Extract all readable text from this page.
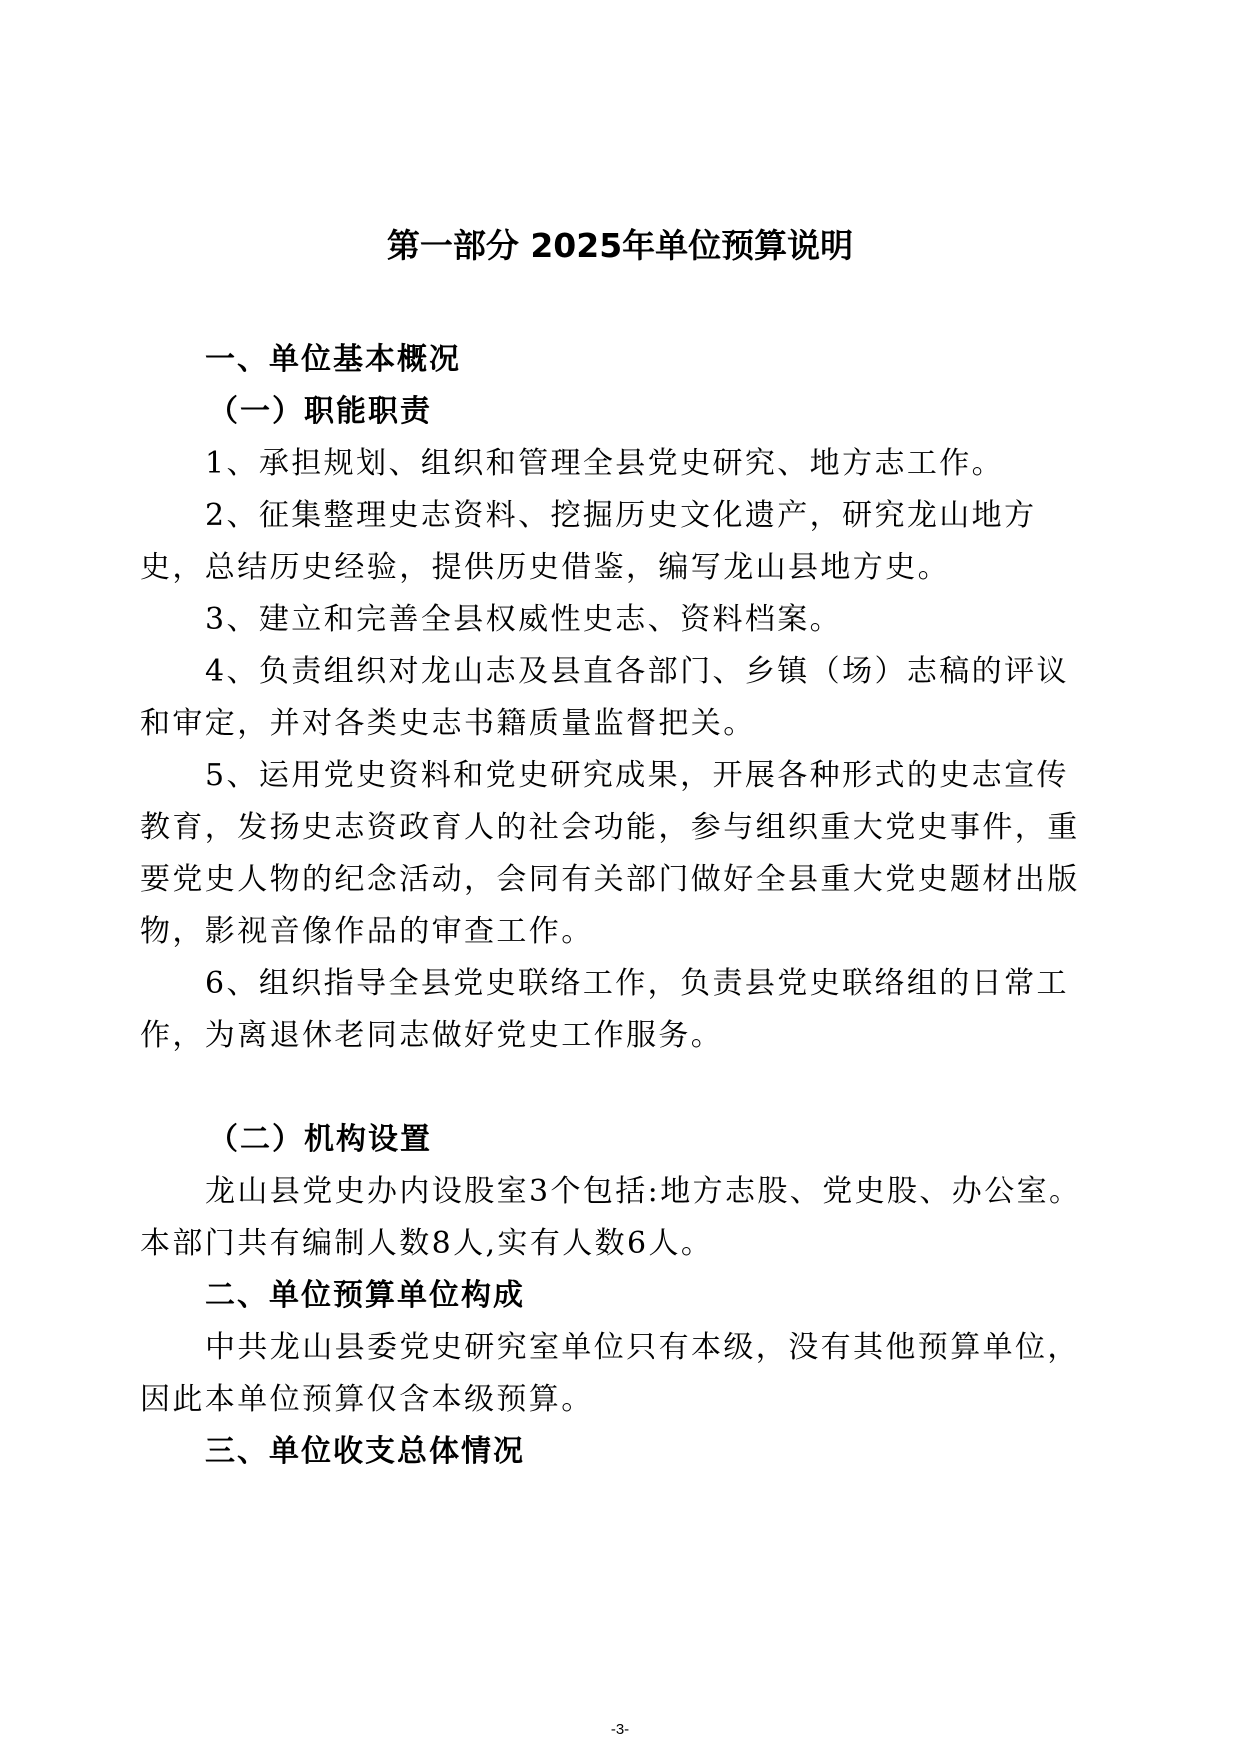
第一部分 2025年单位预算说明
一、单位基本概况
（一）职能职责
1、承担规划、组织和管理全县党史研究、地方志工作。
2、征集整理史志资料、挖掘历史文化遗产，研究龙山地方
史，总结历史经验，提供历史借鉴，编写龙山县地方史。
3、建立和完善全县权威性史志、资料档案。
4、负责组织对龙山志及县直各部门、乡镇（场）志稿的评议
和审定，并对各类史志书籍质量监督把关。
5、运用党史资料和党史研究成果，开展各种形式的史志宣传
教育，发扬史志资政育人的社会功能，参与组织重大党史事件，重
要党史人物的纪念活动，会同有关部门做好全县重大党史题材出版
物，影视音像作品的审查工作。
6、组织指导全县党史联络工作，负责县党史联络组的日常工
作，为离退休老同志做好党史工作服务。
（二）机构设置
龙山县党史办内设股室3个包括:地方志股、党史股、办公室。
本部门共有编制人数8人,实有人数6人。
二、单位预算单位构成
中共龙山县委党史研究室单位只有本级，没有其他预算单位，
因此本单位预算仅含本级预算。
三、单位收支总体情况
-3-
